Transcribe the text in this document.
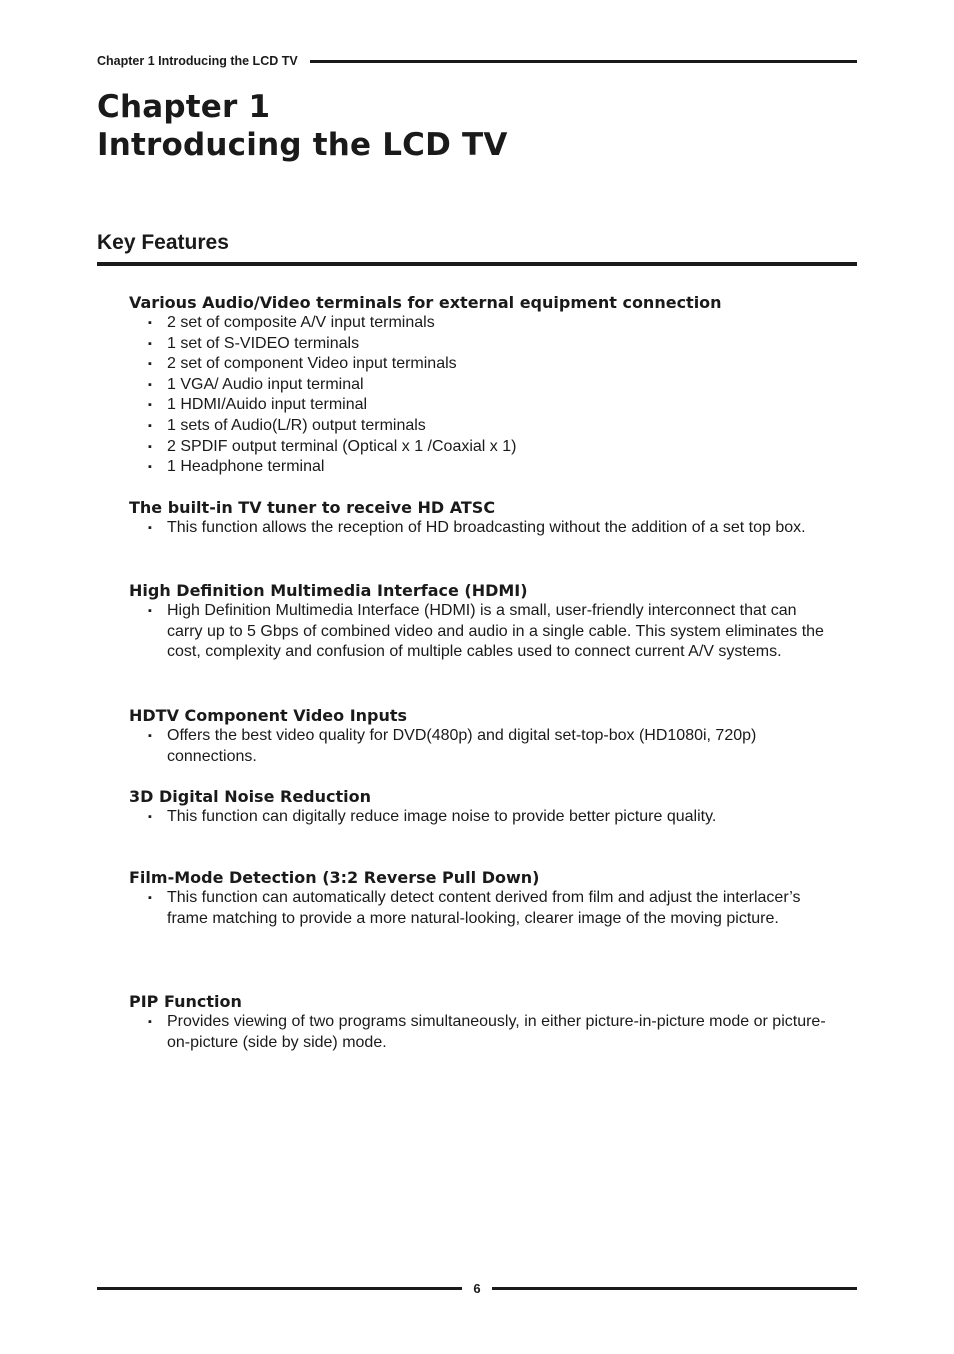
Chapter 1 Introducing the LCD TV
Chapter 1
Introducing the LCD TV
Key Features
Various Audio/Video terminals for external equipment connection
▪ 2 set of composite A/V input terminals
▪ 1 set of S-VIDEO terminals
▪ 2 set of component Video input terminals
▪ 1 VGA/ Audio input terminal
▪ 1 HDMI/Auido input terminal
▪ 1 sets of Audio(L/R) output terminals
▪ 2 SPDIF output terminal (Optical x 1 /Coaxial x 1)
▪ 1 Headphone terminal
The built-in TV tuner to receive HD ATSC
▪ This function allows the reception of HD broadcasting without the addition of a set top box.
High Definition Multimedia Interface (HDMI)
▪ High Definition Multimedia Interface (HDMI) is a small, user-friendly interconnect that can carry up to 5 Gbps of combined video and audio in a single cable. This system eliminates the cost, complexity and confusion of multiple cables used to connect current A/V systems.
HDTV Component Video Inputs
▪ Offers the best video quality for DVD(480p) and digital set-top-box (HD1080i, 720p) connections.
3D Digital Noise Reduction
▪ This function can digitally reduce image noise to provide better picture quality.
Film-Mode Detection (3:2 Reverse Pull Down)
▪ This function can automatically detect content derived from film and adjust the interlacer’s frame matching to provide a more natural-looking, clearer image of the moving picture.
PIP Function
▪ Provides viewing of two programs simultaneously, in either picture-in-picture mode or picture-on-picture (side by side) mode.
6
